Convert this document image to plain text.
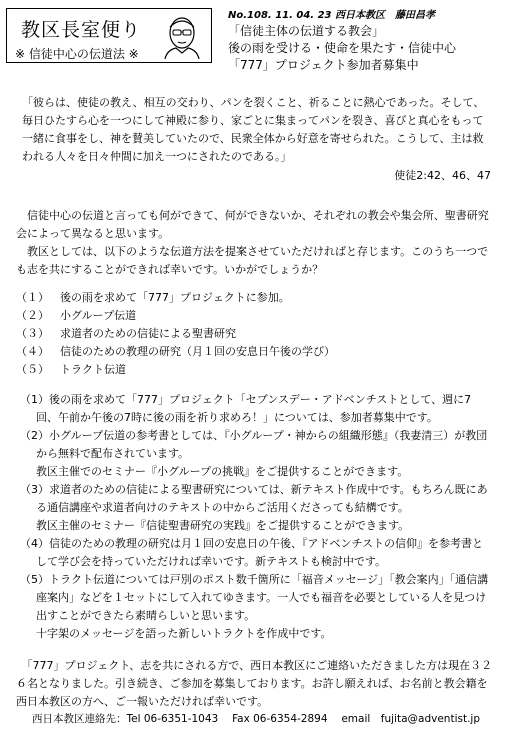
教区長室便り
※ 信徒中心の伝道法 ※
No.108. 11. 04. 23 西日本教区　藤田昌孝
「信徒主体の伝道する教会」
後の雨を受ける・使命を果たす・信徒中心
「777」プロジェクト参加者募集中

「彼らは、使徒の教え、相互の交わり、パンを裂くこと、祈ることに熱心であった。そして、毎日ひたすら心を一つにして神殿に参り、家ごとに集まってパンを裂き、喜びと真心をもって一緒に食事をし、神を賛美していたので、民衆全体から好意を寄せられた。こうして、主は救われる人々を日々仲間に加え一つにされたのである。」

使徒2:42、46、47

信徒中心の伝道と言っても何ができて、何ができないか、それぞれの教会や集会所、聖書研究会によって異なると思います。

教区としては、以下のような伝道方法を提案させていただければと存じます。このうち一つでも志を共にすることができれば幸いです。いかがでしょうか？

（１）	後の雨を求めて「777」プロジェクトに参加。
（２）	小グループ伝道
（３）	求道者のための信徒による聖書研究
（４）	信徒のための教理の研究（月１回の安息日午後の学び）
（５）	トラクト伝道
（1）後の雨を求めて「777」プロジェクト「セブンスデー・アドベンチストとして、週に7回、午前か午後の7時に後の雨を祈り求めろ！」については、参加者募集中です。
（2）小グループ伝道の参考書としては、『小グループ・神からの組織形態』（我妻清三）が教団から無料で配布されています。
教区主催でのセミナー『小グループの挑戦』をご提供することができます。
（3）求道者のための信徒による聖書研究については、新テキスト作成中です。もちろん既にある通信講座や求道者向けのテキストの中からご活用くださっても結構です。
教区主催のセミナー『信徒聖書研究の実践』をご提供することができます。
（4）信徒のための教理の研究は月１回の安息日の午後、『アドベンチストの信仰』を参考書として学び会を持っていただければ幸いです。新テキストも検討中です。
（5）トラクト伝道については戸別のポスト数千箇所に「福音メッセージ」「教会案内」「通信講座案内」などを１セットにして入れてゆきます。一人でも福音を必要としている人を見つけ出すことができたら素晴らしいと思います。
十字架のメッセージを語った新しいトラクトを作成中です。

「777」プロジェクト、志を共にされる方で、西日本教区にご連絡いただきました方は現在３２６名となりました。引き続き、ご参加を募集しております。お許し願えれば、お名前と教会籍を西日本教区の方へ、ご一報いただければ幸いです。

西日本教区連絡先：Tel 06-6351-1043　 Fax 06-6354-2894　 email　fujita@adventist.jp
